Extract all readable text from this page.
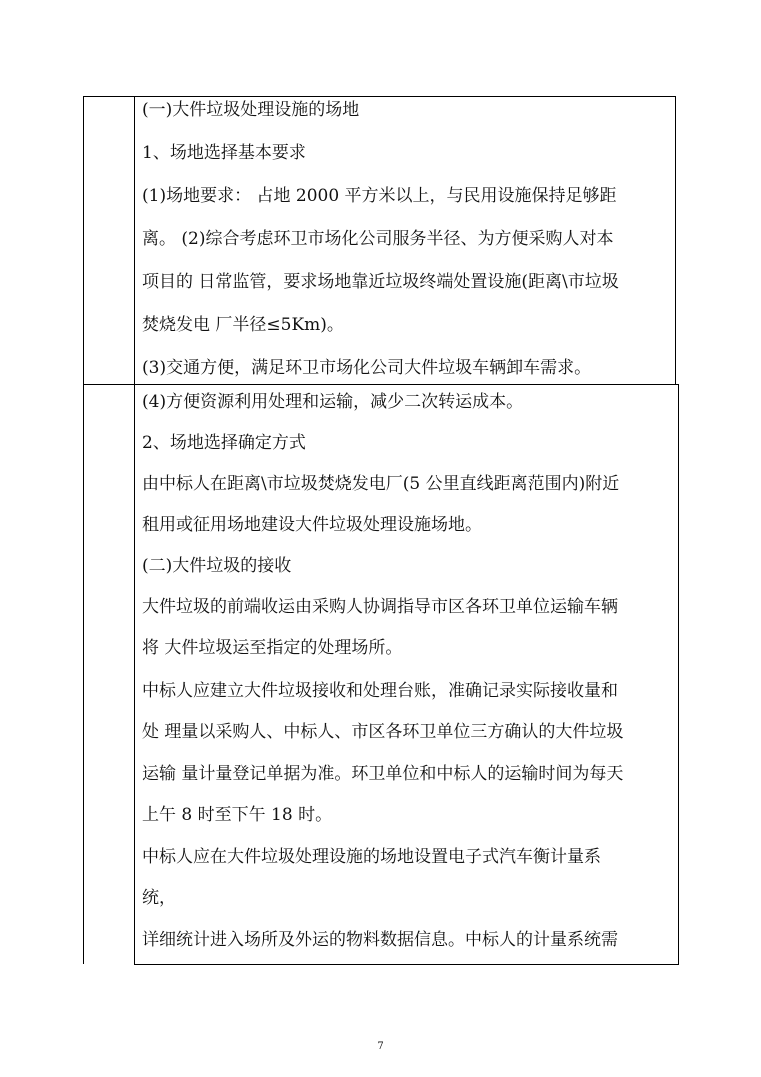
(一)大件垃圾处理设施的场地
1、场地选择基本要求
(1)场地要求： 占地 2000 平方米以上，与民用设施保持足够距
离。 (2)综合考虑环卫市场化公司服务半径、为方便采购人对本
项目的 日常监管，要求场地靠近垃圾终端处置设施(距离\市垃圾
焚烧发电 厂半径≤5Km)。
(3)交通方便，满足环卫市场化公司大件垃圾车辆卸车需求。
(4)方便资源利用处理和运输，减少二次转运成本。
2、场地选择确定方式
由中标人在距离\市垃圾焚烧发电厂(5 公里直线距离范围内)附近
租用或征用场地建设大件垃圾处理设施场地。
(二)大件垃圾的接收
大件垃圾的前端收运由采购人协调指导市区各环卫单位运输车辆
将 大件垃圾运至指定的处理场所。
中标人应建立大件垃圾接收和处理台账，准确记录实际接收量和
处 理量以采购人、中标人、市区各环卫单位三方确认的大件垃圾
运输 量计量登记单据为准。环卫单位和中标人的运输时间为每天
上午 8 时至下午 18 时。
中标人应在大件垃圾处理设施的场地设置电子式汽车衡计量系
统，
详细统计进入场所及外运的物料数据信息。中标人的计量系统需
7
